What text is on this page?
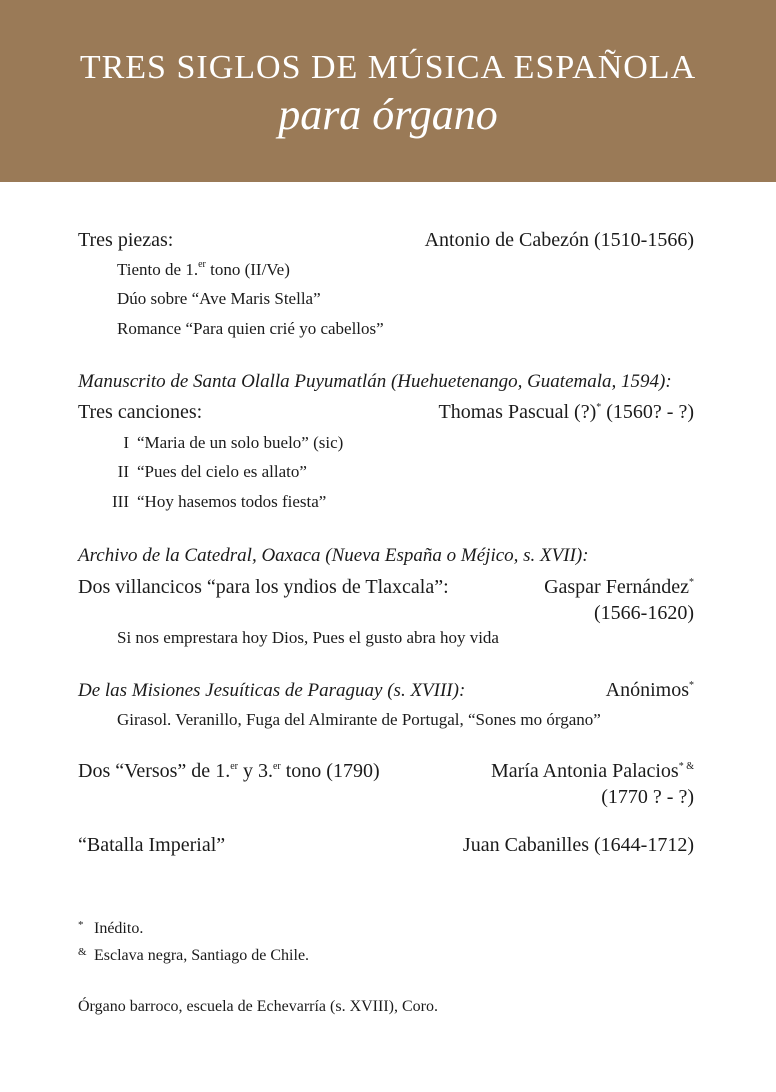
TRES SIGLOS DE MÚSICA ESPAÑOLA
para órgano
Tres piezas:	Antonio de Cabezón (1510-1566)
Tiento de 1.$^{er}$ tono (II/Ve)
Dúo sobre “Ave Maris Stella”
Romance “Para quien crié yo cabellos”
Manuscrito de Santa Olalla Puyumatlán (Huehuetenango, Guatemala, 1594):
Tres canciones:	Thomas Pascual (?)* (1560? - ?)
I “Maria de un solo buelo” (sic)
II “Pues del cielo es allato”
III “Hoy hasemos todos fiesta”
Archivo de la Catedral, Oaxaca (Nueva España o Méjico, s. XVII):
Dos villancicos “para los yndios de Tlaxcala”:	Gaspar Fernández*
(1566-1620)
Si nos emprestara hoy Dios, Pues el gusto abra hoy vida
De las Misiones Jesuíticas de Paraguay (s. XVIII):	Anónimos*
Girasol. Veranillo, Fuga del Almirante de Portugal, “Sones mo órgano”
Dos “Versos” de 1.$^{er}$ y 3.$^{er}$ tono (1790)	María Antonia Palacios* &
(1770 ? - ?)
“Batalla Imperial”	Juan Cabanilles (1644-1712)
* Inédito.
& Esclava negra, Santiago de Chile.
Órgano barroco, escuela de Echevarría (s. XVIII), Coro.
